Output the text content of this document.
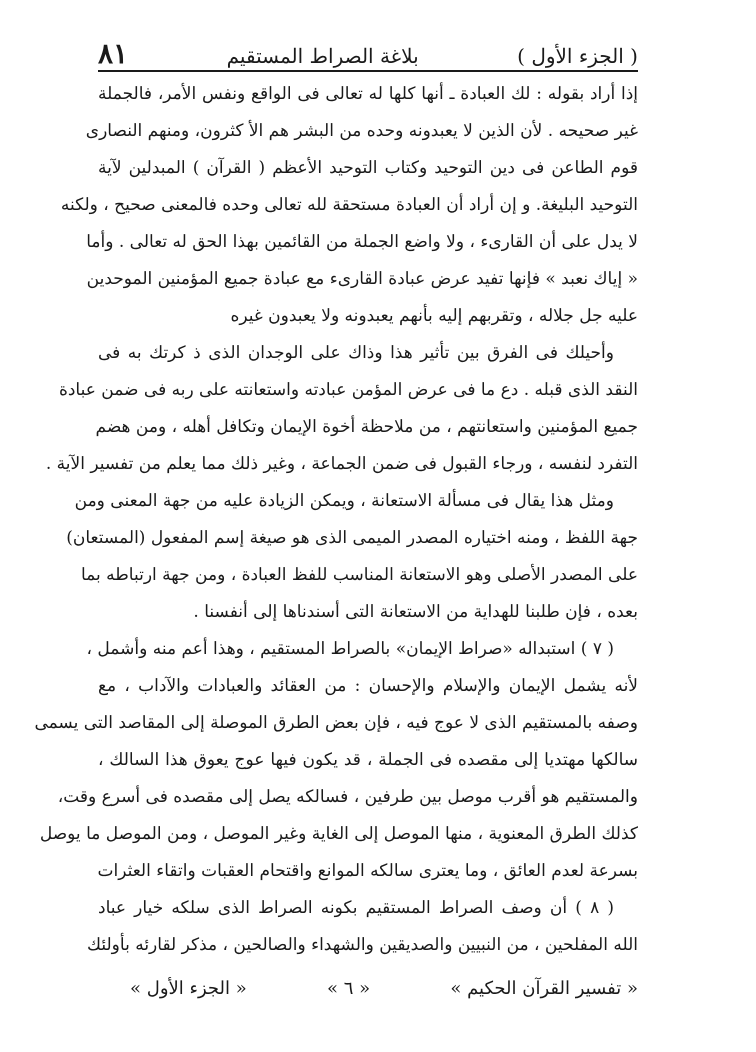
( الجزء الأول )
بلاغة الصراط المستقيم
٨١
إذا أراد بقوله : لك العبادة ـ أنها كلها له تعالى فى الواقع ونفس الأمر، فالجملة
غير صحيحه . لأن الذين لا يعبدونه وحده من البشر هم الأ كثرون، ومنهم النصارى
قوم الطاعن فى دين التوحيد وكتاب التوحيد الأعظم ( القرآن ) المبدلين لآية
التوحيد البليغة. و إن أراد أن العبادة مستحقة لله تعالى وحده فالمعنى صحيح ، ولكنه
لا يدل على أن القارىء ، ولا واضع الجملة من القائمين بهذا الحق له تعالى . وأما
« إياك نعبد » فإنها تفيد عرض عبادة القارىء مع عبادة جميع المؤمنين الموحدين
عليه جل جلاله ، وتقربهم إليه بأنهم يعبدونه ولا يعبدون غيره
وأحيلك فى الفرق بين تأثير هذا وذاك على الوجدان الذى ذ كرتك به فى
النقد الذى قبله . دع ما فى عرض المؤمن عبادته واستعانته على ربه فى ضمن عبادة
جميع المؤمنين واستعانتهم ، من ملاحظة أخوة الإيمان وتكافل أهله ، ومن هضم
التفرد لنفسه ، ورجاء القبول فى ضمن الجماعة ، وغير ذلك مما يعلم من تفسير الآية .
ومثل هذا يقال فى مسألة الاستعانة ، ويمكن الزيادة عليه من جهة المعنى ومن
جهة اللفظ ، ومنه اختياره المصدر الميمى الذى هو صيغة إسم المفعول (المستعان)
على المصدر الأصلى وهو الاستعانة المناسب للفظ العبادة ، ومن جهة ارتباطه بما
بعده ، فإن طلبنا للهداية من الاستعانة التى أسندناها إلى أنفسنا .
( ٧ ) استبداله «صراط الإيمان» بالصراط المستقيم ، وهذا أعم منه وأشمل ،
لأنه يشمل الإيمان والإسلام والإحسان : من العقائد والعبادات والآداب ، مع
وصفه بالمستقيم الذى لا عوج فيه ، فإن بعض الطرق الموصلة إلى المقاصد التى يسمى
سالكها مهتديا إلى مقصده فى الجملة ، قد يكون فيها عوج يعوق هذا السالك ،
والمستقيم هو أقرب موصل بين طرفين ، فسالكه يصل إلى مقصده فى أسرع وقت،
كذلك الطرق المعنوية ، منها الموصل إلى الغاية وغير الموصل ، ومن الموصل ما يوصل
بسرعة لعدم العائق ، وما يعترى سالكه الموانع واقتحام العقبات واتقاء العثرات
( ٨ ) أن وصف الصراط المستقيم بكونه الصراط الذى سلكه خيار عباد
الله المفلحين ، من النبيين والصديقين والشهداء والصالحين ، مذكر لقارئه بأولئك
« تفسير القرآن الحكيم »
« ٦ »
« الجزء الأول »
